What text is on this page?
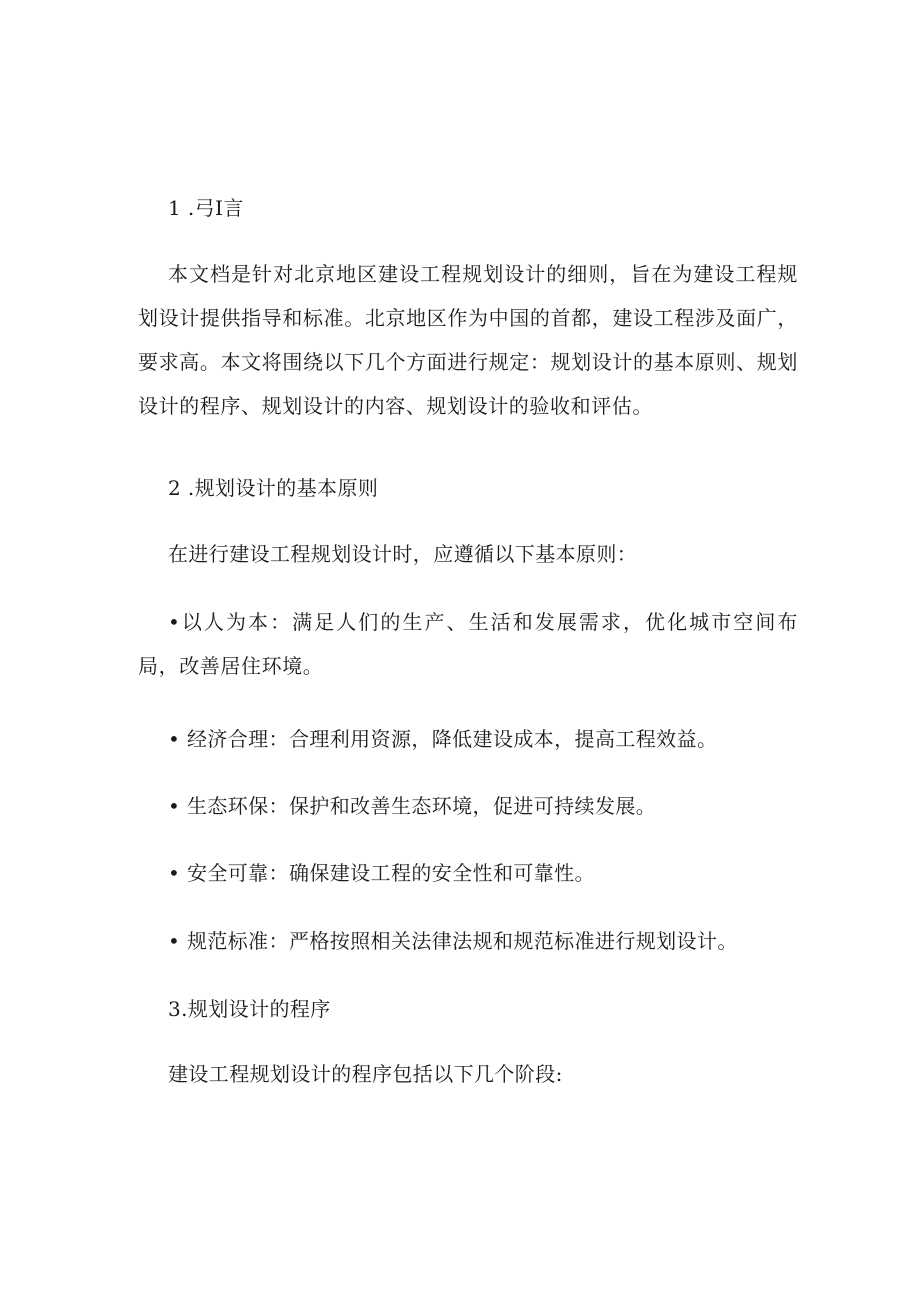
1 .弓I言
本文档是针对北京地区建设工程规划设计的细则，旨在为建设工程规划设计提供指导和标准。北京地区作为中国的首都，建设工程涉及面广，要求高。本文将围绕以下几个方面进行规定：规划设计的基本原则、规划设计的程序、规划设计的内容、规划设计的验收和评估。
2 .规划设计的基本原则
在进行建设工程规划设计时，应遵循以下基本原则：
•以人为本：满足人们的生产、生活和发展需求，优化城市空间布局，改善居住环境。
• 经济合理：合理利用资源，降低建设成本，提高工程效益。
• 生态环保：保护和改善生态环境，促进可持续发展。
• 安全可靠：确保建设工程的安全性和可靠性。
• 规范标准：严格按照相关法律法规和规范标准进行规划设计。
3.规划设计的程序
建设工程规划设计的程序包括以下几个阶段:
